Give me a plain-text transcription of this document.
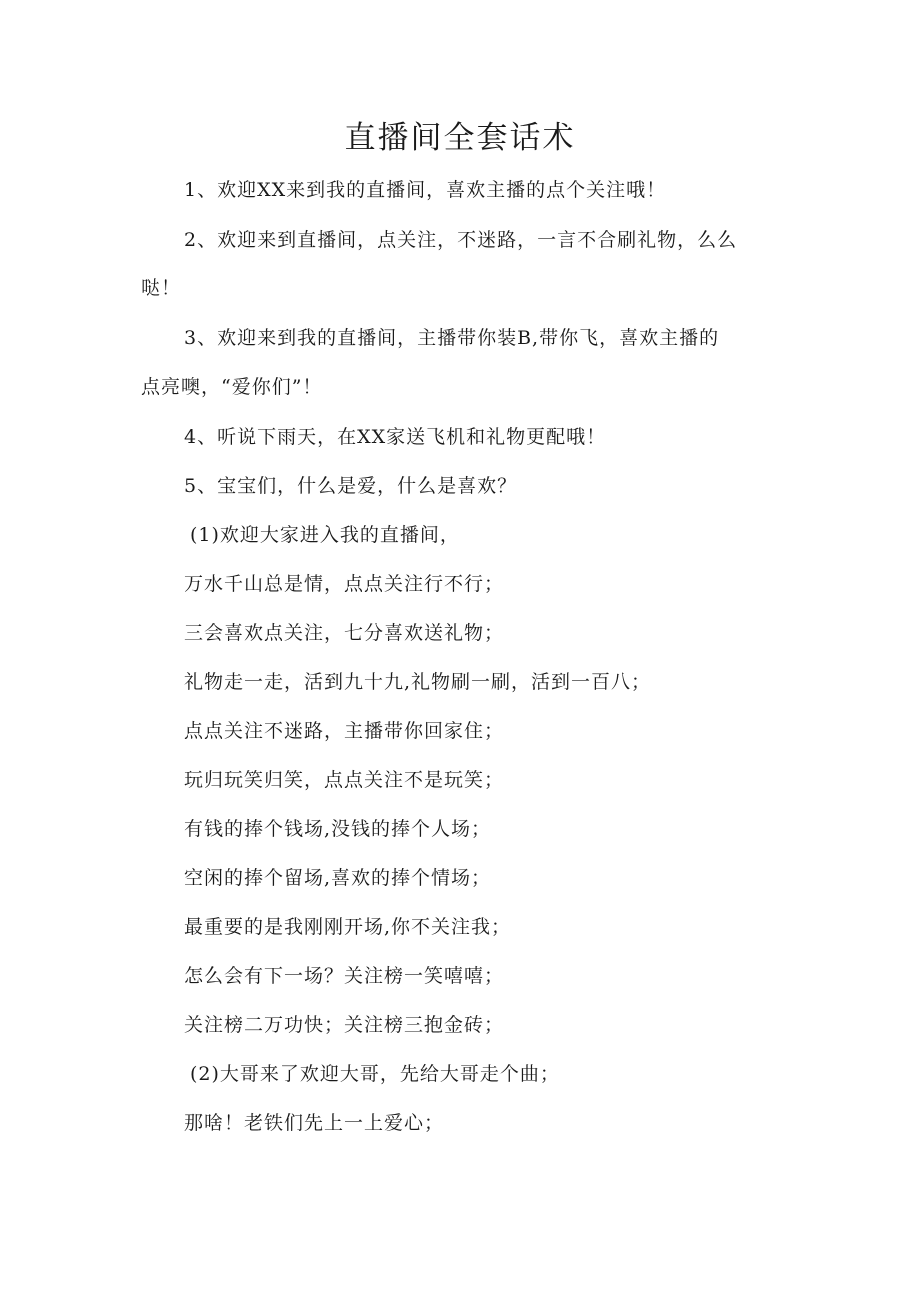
直播间全套话术
1、欢迎XX来到我的直播间，喜欢主播的点个关注哦！
2、欢迎来到直播间，点关注，不迷路，一言不合刷礼物，么么
哒！
3、欢迎来到我的直播间，主播带你装B,带你飞，喜欢主播的
点亮噢，“爱你们”！
4、听说下雨天，在XX家送飞机和礼物更配哦！
5、宝宝们，什么是爱，什么是喜欢？
(1)欢迎大家进入我的直播间，
万水千山总是情，点点关注行不行；
三会喜欢点关注，七分喜欢送礼物；
礼物走一走，活到九十九,礼物刷一刷，活到一百八；
点点关注不迷路，主播带你回家住；
玩归玩笑归笑，点点关注不是玩笑；
有钱的捧个钱场,没钱的捧个人场；
空闲的捧个留场,喜欢的捧个情场；
最重要的是我刚刚开场,你不关注我；
怎么会有下一场？关注榜一笑嘻嘻；
关注榜二万功快；关注榜三抱金砖；
(2)大哥来了欢迎大哥，先给大哥走个曲；
那啥！老铁们先上一上爱心；
